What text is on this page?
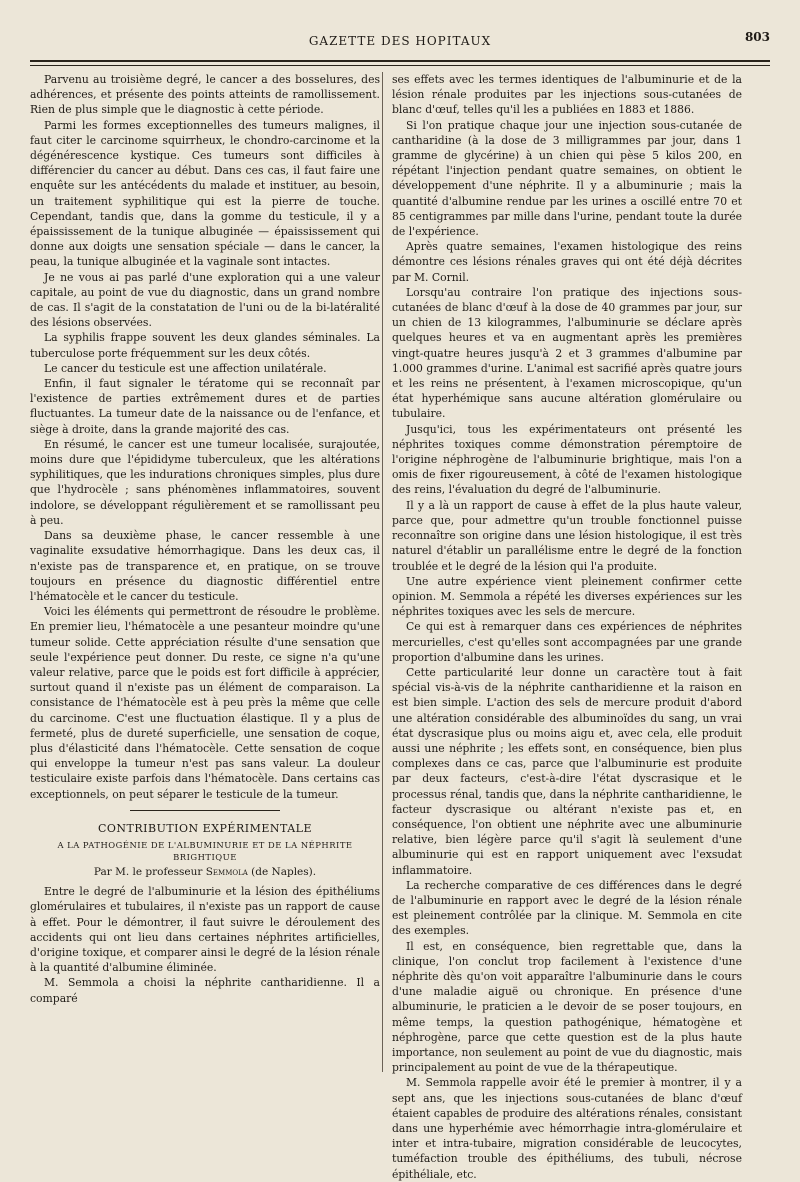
GAZETTE DES HOPITAUX	803

Parvenu au troisième degré, le cancer a des bosselures, des adhérences, et présente des points atteints de ramollissement. Rien de plus simple que le diagnostic à cette période.

Parmi les formes exceptionnelles des tumeurs malignes, il faut citer le carcinome squirrheux, le chondro-carcinome et la dégénérescence kystique. Ces tumeurs sont difficiles à différencier du cancer au début. Dans ces cas, il faut faire une enquête sur les antécédents du malade et instituer, au besoin, un traitement syphilitique qui est la pierre de touche. Cependant, tandis que, dans la gomme du testicule, il y a épaississement de la tunique albuginée — épaississement qui donne aux doigts une sensation spéciale — dans le cancer, la peau, la tunique albuginée et la vaginale sont intactes.

Je ne vous ai pas parlé d'une exploration qui a une valeur capitale, au point de vue du diagnostic, dans un grand nombre de cas. Il s'agit de la constatation de l'uni ou de la bi-latéralité des lésions observées.

La syphilis frappe souvent les deux glandes séminales. La tuberculose porte fréquemment sur les deux côtés.

Le cancer du testicule est une affection unilatérale.

Enfin, il faut signaler le tératome qui se reconnaît par l'existence de parties extrêmement dures et de parties fluctuantes. La tumeur date de la naissance ou de l'enfance, et siège à droite, dans la grande majorité des cas.

En résumé, le cancer est une tumeur localisée, surajoutée, moins dure que l'épididyme tuberculeux, que les altérations syphilitiques, que les indurations chroniques simples, plus dure que l'hydrocèle ; sans phénomènes inflammatoires, souvent indolore, se développant régulièrement et se ramollissant peu à peu.

Dans sa deuxième phase, le cancer ressemble à une vaginalite exsudative hémorrhagique. Dans les deux cas, il n'existe pas de transparence et, en pratique, on se trouve toujours en présence du diagnostic différentiel entre l'hématocèle et le cancer du testicule.

Voici les éléments qui permettront de résoudre le problème. En premier lieu, l'hématocèle a une pesanteur moindre qu'une tumeur solide. Cette appréciation résulte d'une sensation que seule l'expérience peut donner. Du reste, ce signe n'a qu'une valeur relative, parce que le poids est fort difficile à apprécier, surtout quand il n'existe pas un élément de comparaison. La consistance de l'hématocèle est à peu près la même que celle du carcinome. C'est une fluctuation élastique. Il y a plus de fermeté, plus de dureté superficielle, une sensation de coque, plus d'élasticité dans l'hématocèle. Cette sensation de coque qui enveloppe la tumeur n'est pas sans valeur. La douleur testiculaire existe parfois dans l'hématocèle. Dans certains cas exceptionnels, on peut séparer le testicule de la tumeur.

CONTRIBUTION EXPÉRIMENTALE
A LA PATHOGÉNIE DE L'ALBUMINURIE ET DE LA NÉPHRITE BRIGHTIQUE
Par M. le professeur Semmola (de Naples).

Entre le degré de l'albuminurie et la lésion des épithéliums glomérulaires et tubulaires, il n'existe pas un rapport de cause à effet. Pour le démontrer, il faut suivre le déroulement des accidents qui ont lieu dans certaines néphrites artificielles, d'origine toxique, et comparer ainsi le degré de la lésion rénale à la quantité d'albumine éliminée.

M. Semmola a choisi la néphrite cantharidienne. Il a comparé

ses effets avec les termes identiques de l'albuminurie et de la lésion rénale produites par les injections sous-cutanées de blanc d'œuf, telles qu'il les a publiées en 1883 et 1886.

Si l'on pratique chaque jour une injection sous-cutanée de cantharidine (à la dose de 3 milligrammes par jour, dans 1 gramme de glycérine) à un chien qui pèse 5 kilos 200, en répétant l'injection pendant quatre semaines, on obtient le développement d'une néphrite. Il y a albuminurie ; mais la quantité d'albumine rendue par les urines a oscillé entre 70 et 85 centigrammes par mille dans l'urine, pendant toute la durée de l'expérience.

Après quatre semaines, l'examen histologique des reins démontre ces lésions rénales graves qui ont été déjà décrites par M. Cornil.

Lorsqu'au contraire l'on pratique des injections sous-cutanées de blanc d'œuf à la dose de 40 grammes par jour, sur un chien de 13 kilogrammes, l'albuminurie se déclare après quelques heures et va en augmentant après les premières vingt-quatre heures jusqu'à 2 et 3 grammes d'albumine par 1.000 grammes d'urine. L'animal est sacrifié après quatre jours et les reins ne présentent, à l'examen microscopique, qu'un état hyperhémique sans aucune altération glomérulaire ou tubulaire.

Jusqu'ici, tous les expérimentateurs ont présenté les néphrites toxiques comme démonstration péremptoire de l'origine néphrogène de l'albuminurie brightique, mais l'on a omis de fixer rigoureusement, à côté de l'examen histologique des reins, l'évaluation du degré de l'albuminurie.

Il y a là un rapport de cause à effet de la plus haute valeur, parce que, pour admettre qu'un trouble fonctionnel puisse reconnaître son origine dans une lésion histologique, il est très naturel d'établir un parallélisme entre le degré de la fonction troublée et le degré de la lésion qui l'a produite.

Une autre expérience vient pleinement confirmer cette opinion. M. Semmola a répété les diverses expériences sur les néphrites toxiques avec les sels de mercure.

Ce qui est à remarquer dans ces expériences de néphrites mercurielles, c'est qu'elles sont accompagnées par une grande proportion d'albumine dans les urines.

Cette particularité leur donne un caractère tout à fait spécial vis-à-vis de la néphrite cantharidienne et la raison en est bien simple. L'action des sels de mercure produit d'abord une altération considérable des albuminoïdes du sang, un vrai état dyscrasique plus ou moins aigu et, avec cela, elle produit aussi une néphrite ; les effets sont, en conséquence, bien plus complexes dans ce cas, parce que l'albuminurie est produite par deux facteurs, c'est-à-dire l'état dyscrasique et le processus rénal, tandis que, dans la néphrite cantharidienne, le facteur dyscrasique ou altérant n'existe pas et, en conséquence, l'on obtient une néphrite avec une albuminurie relative, bien légère parce qu'il s'agit là seulement d'une albuminurie qui est en rapport uniquement avec l'exsudat inflammatoire.

La recherche comparative de ces différences dans le degré de l'albuminurie en rapport avec le degré de la lésion rénale est pleinement contrôlée par la clinique. M. Semmola en cite des exemples.

Il est, en conséquence, bien regrettable que, dans la clinique, l'on conclut trop facilement à l'existence d'une néphrite dès qu'on voit apparaître l'albuminurie dans le cours d'une maladie aiguë ou chronique. En présence d'une albuminurie, le praticien a le devoir de se poser toujours, en même temps, la question pathogénique, hématogène et néphrogène, parce que cette question est de la plus haute importance, non seulement au point de vue du diagnostic, mais principalement au point de vue de la thérapeutique.

M. Semmola rappelle avoir été le premier à montrer, il y a sept ans, que les injections sous-cutanées de blanc d'œuf étaient capables de produire des altérations rénales, consistant dans une hyperhémie avec hémorrhagie intra-glomérulaire et inter et intra-tubaire, migration considérable de leucocytes, tuméfaction trouble des épithéliums, des tubuli, nécrose épithéliale, etc.
